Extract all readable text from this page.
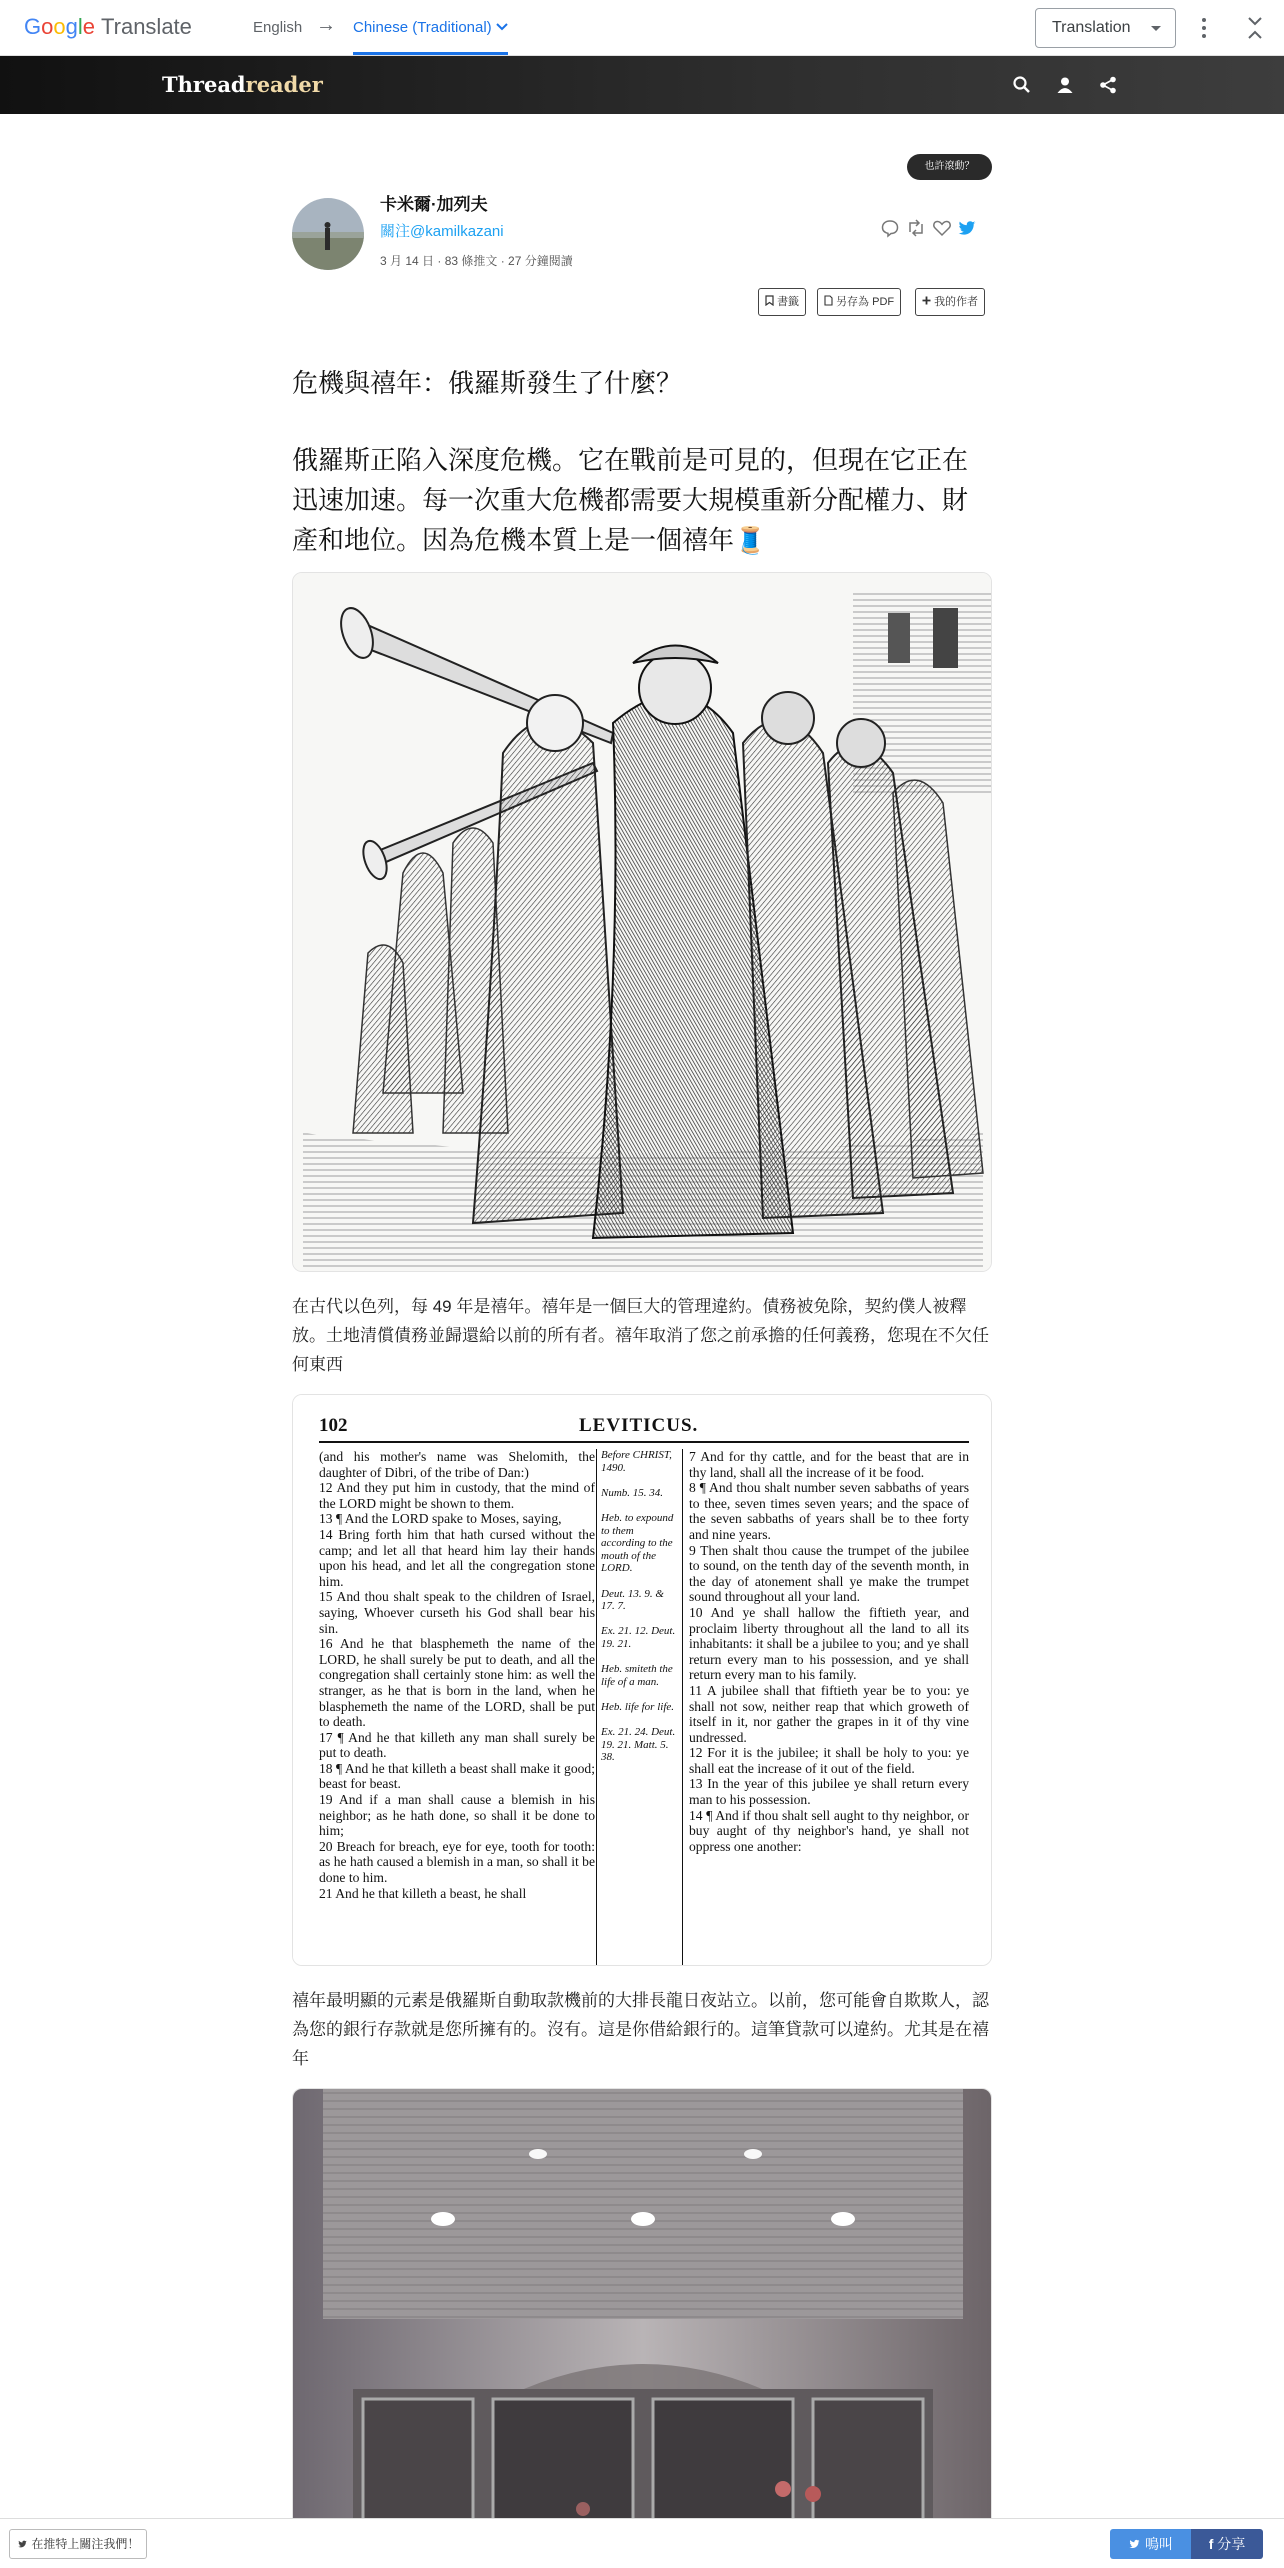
Google Translate	English → Chinese (Traditional)	Translation
Threadreader
也許滾動？
卡米爾·加列夫
關注@kamilkazani
3 月 14 日 · 83 條推文 · 27 分鐘閱讀
書籤	另存為 PDF	我的作者
危機與禧年：俄羅斯發生了什麼？
俄羅斯正陷入深度危機。它在戰前是可見的，但現在它正在迅速加速。每一次重大危機都需要大規模重新分配權力、財產和地位。因為危機本質上是一個禧年🧵
在古代以色列，每 49 年是禧年。禧年是一個巨大的管理違約。債務被免除，契約僕人被釋放。土地清償債務並歸還給以前的所有者。禧年取消了您之前承擔的任何義務，您現在不欠任何東西
102	LEVITICUS.
(and his mother's name was Shelomith, the daughter of Dibri, of the tribe of Dan:)
12 And they put him in custody, that the mind of the LORD might be shown to them.
13 ¶ And the LORD spake to Moses, saying,
14 Bring forth him that hath cursed without the camp; and let all that heard him lay their hands upon his head, and let all the congregation stone him.
15 And thou shalt speak to the children of Israel, saying, Whoever curseth his God shall bear his sin.
16 And he that blasphemeth the name of the LORD, he shall surely be put to death, and all the congregation shall certainly stone him: as well the stranger, as he that is born in the land, when he blasphemeth the name of the LORD, shall be put to death.
17 ¶ And he that killeth any man shall surely be put to death.
18 ¶ And he that killeth a beast shall make it good; beast for beast.
19 And if a man shall cause a blemish in his neighbor; as he hath done, so shall it be done to him;
20 Breach for breach, eye for eye, tooth for tooth: as he hath caused a blemish in a man, so shall it be done to him.
21 And he that killeth a beast, he shall
Before CHRIST, 1490.

Numb. 15. 34.

Heb. to expound to them according to the mouth of the LORD.

Deut. 13. 9. & 17. 7.

Ex. 21. 12. Deut. 19. 21.

Heb. smiteth the life of a man.

Heb. life for life.

Ex. 21. 24. Deut. 19. 21. Matt. 5. 38.
7 And for thy cattle, and for the beast that are in thy land, shall all the increase of it be food.
8 ¶ And thou shalt number seven sabbaths of years to thee, seven times seven years; and the space of the seven sabbaths of years shall be to thee forty and nine years.
9 Then shalt thou cause the trumpet of the jubilee to sound, on the tenth day of the seventh month, in the day of atonement shall ye make the trumpet sound throughout all your land.
10 And ye shall hallow the fiftieth year, and proclaim liberty throughout all the land to all its inhabitants: it shall be a jubilee to you; and ye shall return every man to his possession, and ye shall return every man to his family.
11 A jubilee shall that fiftieth year be to you: ye shall not sow, neither reap that which groweth of itself in it, nor gather the grapes in it of thy vine undressed.
12 For it is the jubilee; it shall be holy to you: ye shall eat the increase of it out of the field.
13 In the year of this jubilee ye shall return every man to his possession.
14 ¶ And if thou shalt sell aught to thy neighbor, or buy aught of thy neighbor's hand, ye shall not oppress one another:
禧年最明顯的元素是俄羅斯自動取款機前的大排長龍日夜站立。以前，您可能會自欺欺人，認為您的銀行存款就是您所擁有的。沒有。這是你借給銀行的。這筆貸款可以違約。尤其是在禧年
在推特上關注我們！	鳴叫	f 分享
